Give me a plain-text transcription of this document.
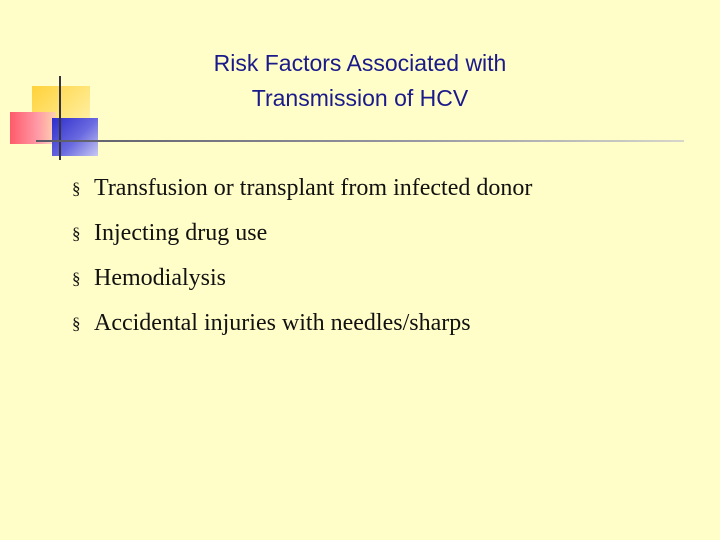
Risk Factors Associated with
Transmission of HCV
§ Transfusion or transplant from infected donor
§ Injecting drug use
§ Hemodialysis
§ Accidental injuries with needles/sharps
